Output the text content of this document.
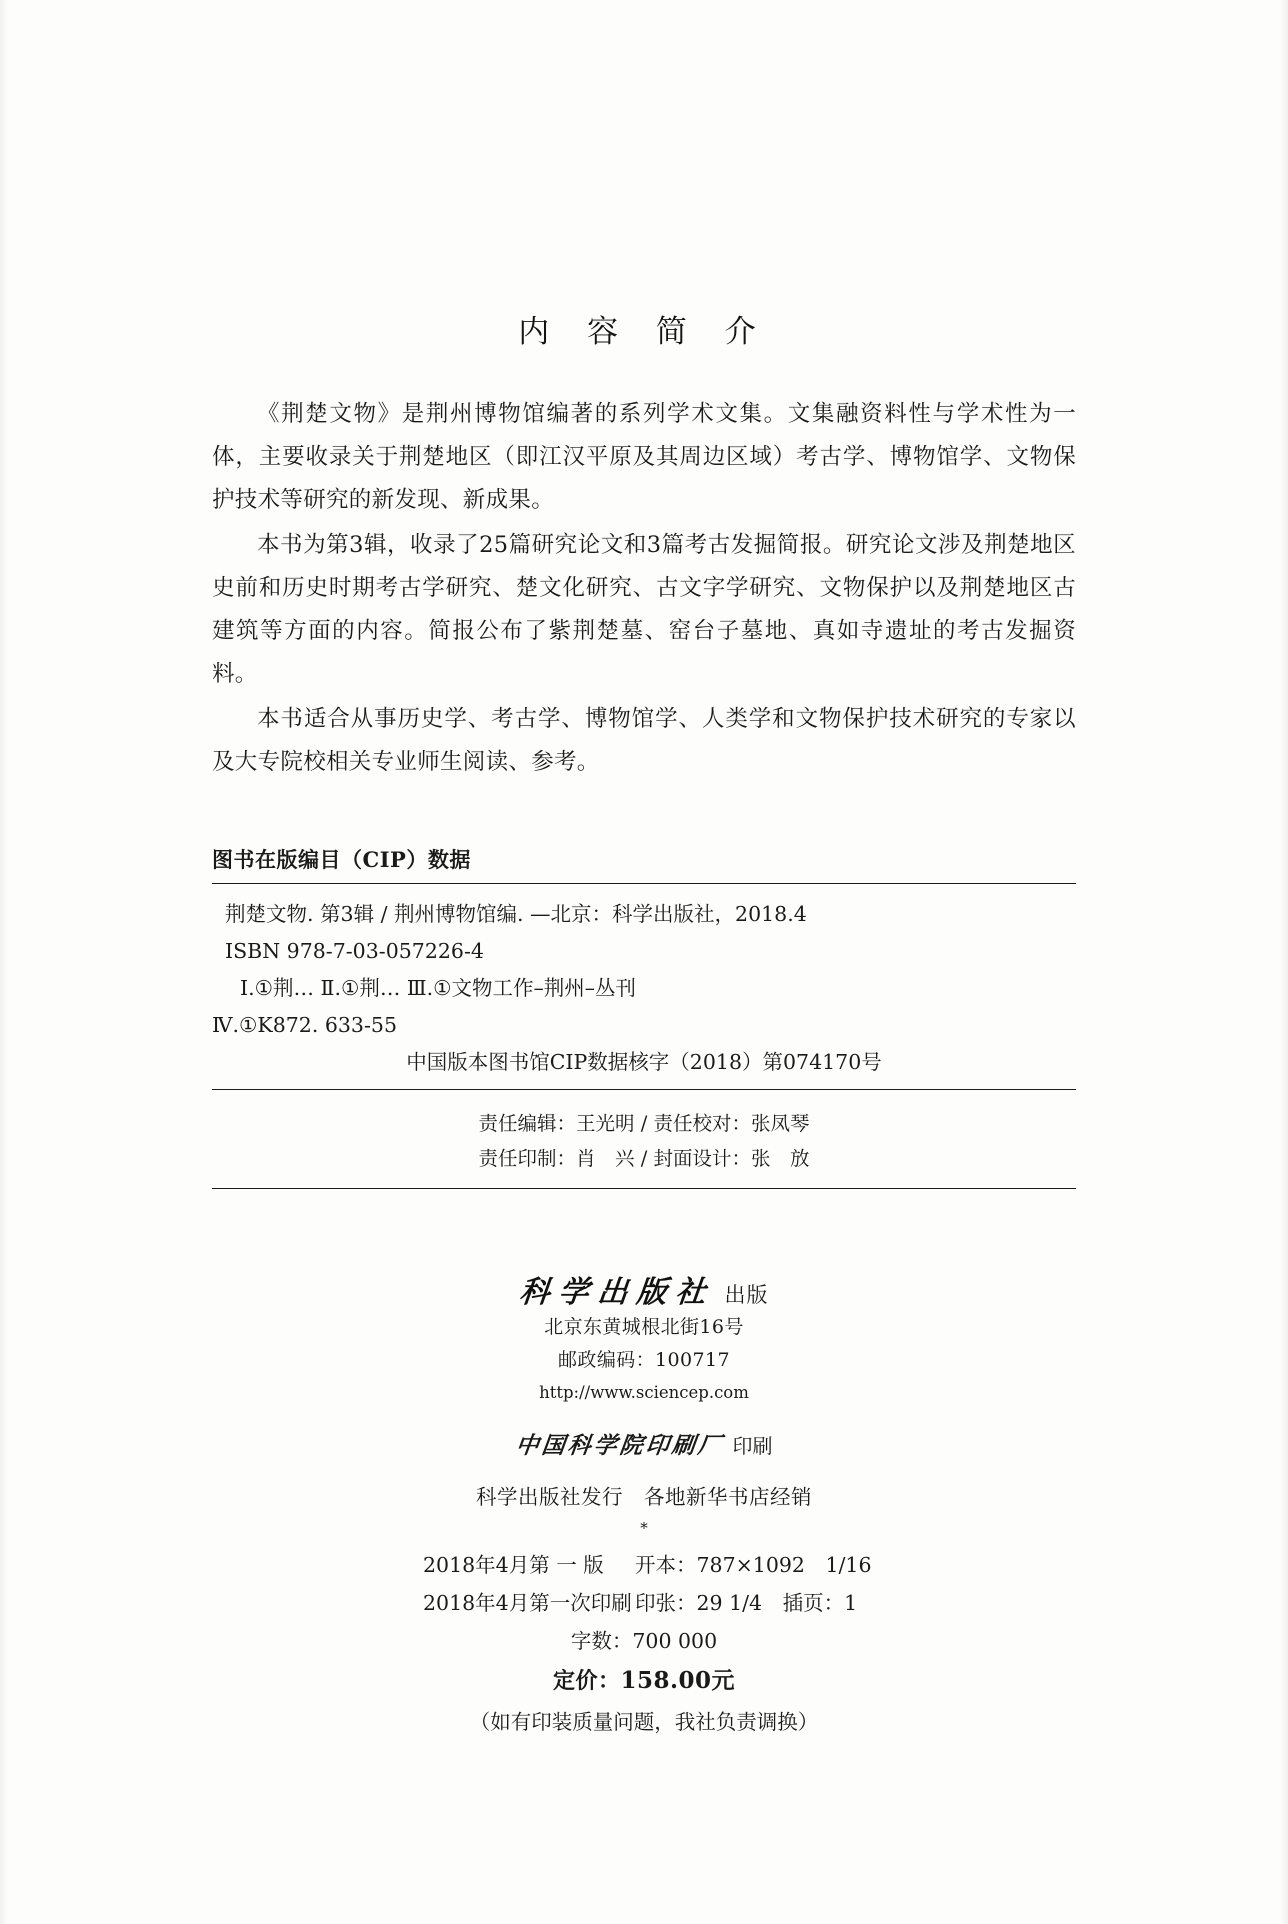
内 容 简 介

《荆楚文物》是荆州博物馆编著的系列学术文集。文集融资料性与学术性为一体，主要收录关于荆楚地区（即江汉平原及其周边区域）考古学、博物馆学、文物保护技术等研究的新发现、新成果。

本书为第3辑，收录了25篇研究论文和3篇考古发掘简报。研究论文涉及荆楚地区史前和历史时期考古学研究、楚文化研究、古文字学研究、文物保护以及荆楚地区古建筑等方面的内容。简报公布了紫荆楚墓、窑台子墓地、真如寺遗址的考古发掘资料。

本书适合从事历史学、考古学、博物馆学、人类学和文物保护技术研究的专家以及大专院校相关专业师生阅读、参考。

图书在版编目（CIP）数据
荆楚文物. 第3辑 / 荆州博物馆编. —北京：科学出版社，2018.4
ISBN 978-7-03-057226-4
Ⅰ.①荆… Ⅱ.①荆… Ⅲ.①文物工作–荆州–丛刊
Ⅳ.①K872. 633-55
中国版本图书馆CIP数据核字（2018）第074170号
责任编辑：王光明 / 责任校对：张凤琴
责任印制：肖　兴 / 封面设计：张　放
科学出版社 出版
北京东黄城根北街16号
邮政编码：100717
http://www.sciencep.com
中国科学院印刷厂 印刷
科学出版社发行　各地新华书店经销
*
2018年4月第 一 版	开本：787×1092　1/16
2018年4月第一次印刷 印张：29 1/4　插页：1
字数：700 000
定价：158.00元
（如有印装质量问题，我社负责调换）
